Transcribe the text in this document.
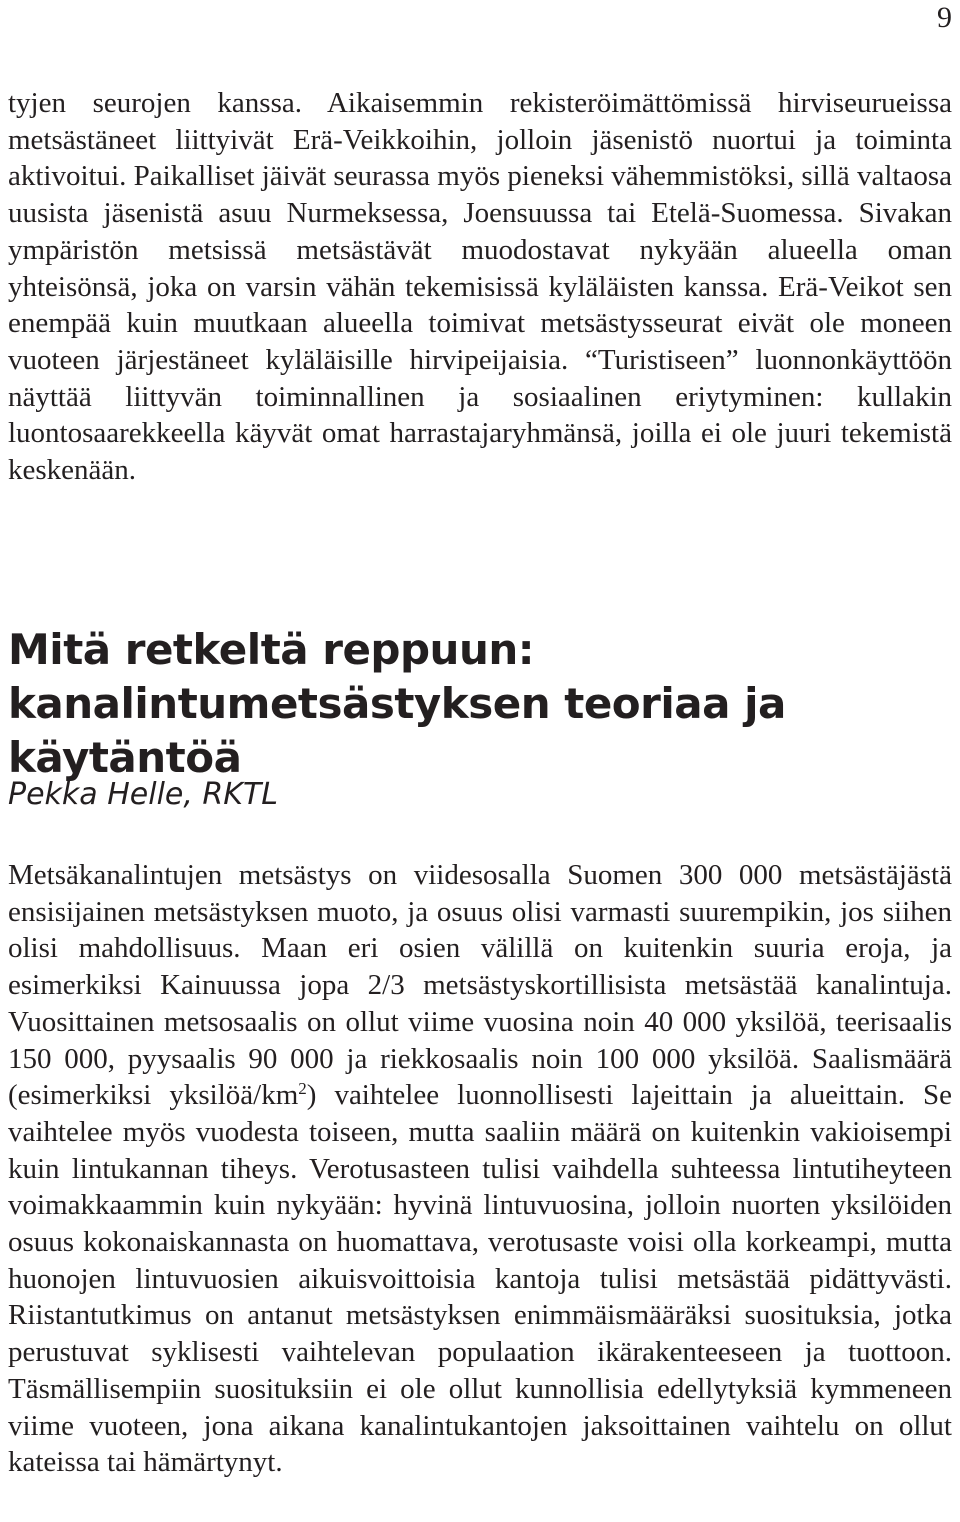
9

tyjen seurojen kanssa. Aikaisemmin rekisteröimättömissä hirviseurueissa metsästäneet liittyivät Erä-Veikkoihin, jolloin jäsenistö nuortui ja toiminta aktivoitui. Paikalliset jäivät seurassa myös pieneksi vähemmistöksi, sillä valtaosa uusista jäsenistä asuu Nurmeksessa, Joensuussa tai Etelä-Suomessa. Sivakan ympäristön metsissä metsästävät muodostavat nykyään alueella oman yhteisönsä, joka on varsin vähän tekemisissä kyläläisten kanssa. Erä-Veikot sen enempää kuin muutkaan alueella toimivat metsästysseurat eivät ole moneen vuoteen järjestäneet kyläläisille hirvipeijaisia. “Turistiseen” luonnonkäyttöön näyttää liittyvän toiminnallinen ja sosiaalinen eriytyminen: kullakin luontosaarekkeella käyvät omat harrastajaryhmänsä, joilla ei ole juuri tekemistä keskenään.

Mitä retkeltä reppuun: kanalintumetsästyksen teoriaa ja käytäntöä

Pekka Helle, RKTL

Metsäkanalintujen metsästys on viidesosalla Suomen 300 000 metsästäjästä ensisijainen metsästyksen muoto, ja osuus olisi varmasti suurempikin, jos siihen olisi mahdollisuus. Maan eri osien välillä on kuitenkin suuria eroja, ja esimerkiksi Kainuussa jopa 2/3 metsästyskortillisista metsästää kanalintuja. Vuosittainen metsosaalis on ollut viime vuosina noin 40 000 yksilöä, teerisaalis 150 000, pyysaalis 90 000 ja riekkosaalis noin 100 000 yksilöä. Saalismäärä (esimerkiksi yksilöä/$km^2$) vaihtelee luonnollisesti lajeittain ja alueittain. Se vaihtelee myös vuodesta toiseen, mutta saaliin määrä on kuitenkin vakioisempi kuin lintukannan tiheys. Verotusasteen tulisi vaihdella suhteessa lintutiheyteen voimakkaammin kuin nykyään: hyvinä lintuvuosina, jolloin nuorten yksilöiden osuus kokonaiskannasta on huomattava, verotusaste voisi olla korkeampi, mutta huonojen lintuvuosien aikuisvoittoisia kantoja tulisi metsästää pidättyvästi. Riistantutkimus on antanut metsästyksen enimmäismääräksi suosituksia, jotka perustuvat syklisesti vaihtelevan populaation ikärakenteeseen ja tuottoon. Täsmällisempiin suosituksiin ei ole ollut kunnollisia edellytyksiä kymmeneen viime vuoteen, jona aikana kanalintukantojen jaksoittainen vaihtelu on ollut kateissa tai hämärtynyt.
